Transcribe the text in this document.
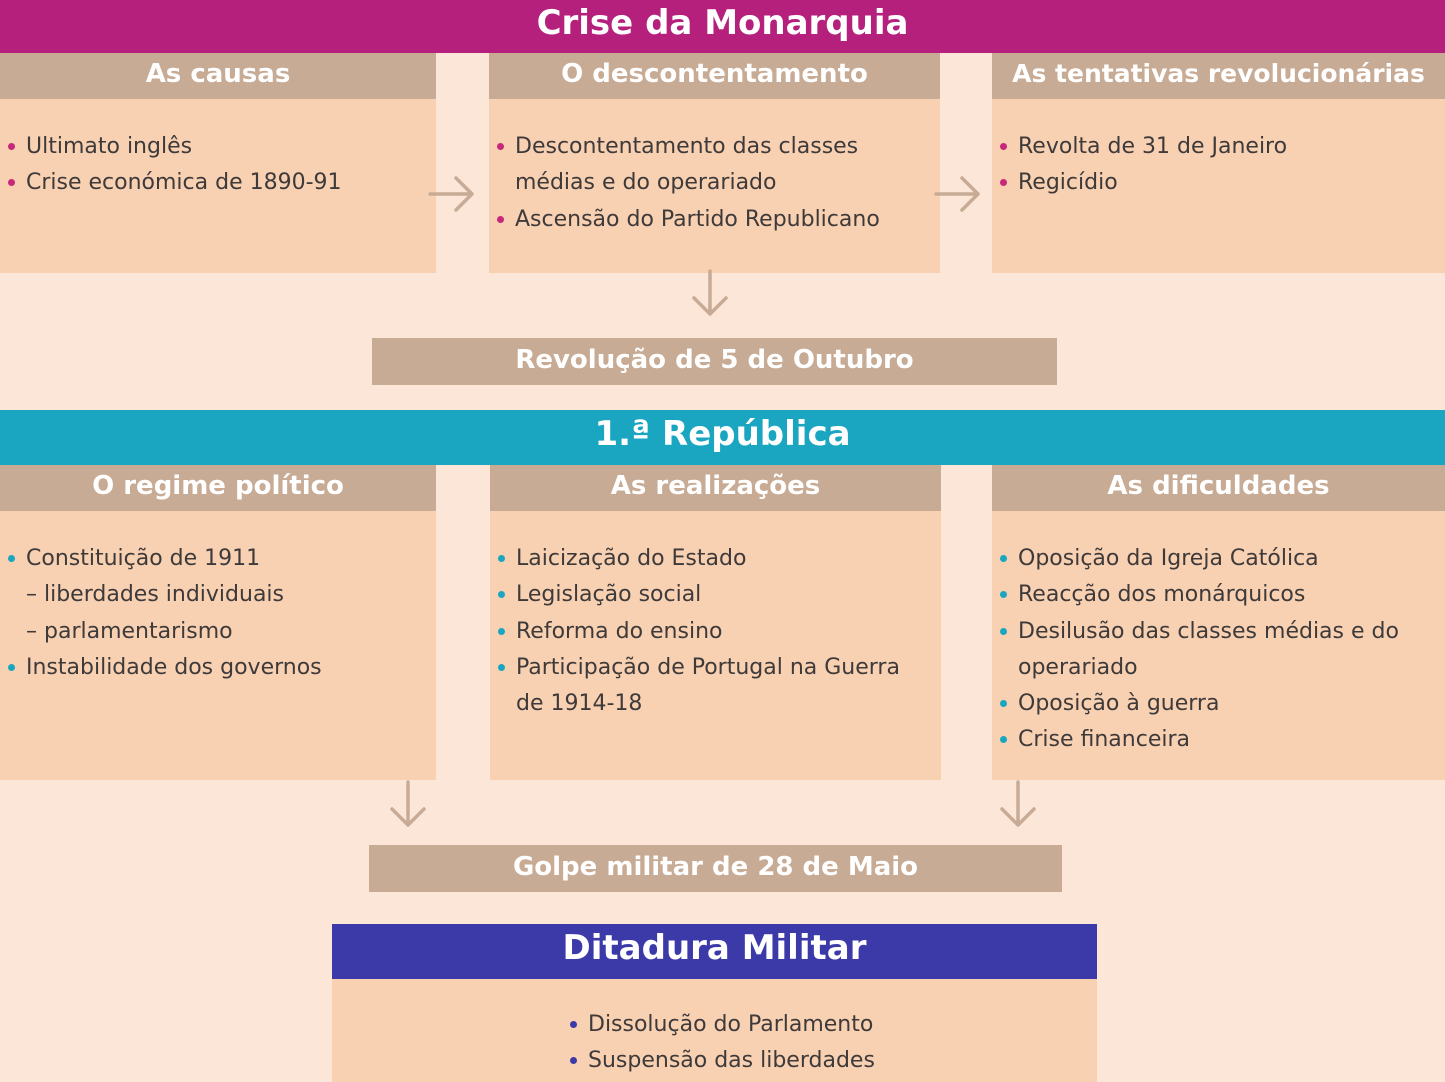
Crise da Monarquia
As causas
Ultimato inglês
Crise económica de 1890-91
O descontentamento
Descontentamento das classes
médias e do operariado
Ascensão do Partido Republicano
As tentativas revolucionárias
Revolta de 31 de Janeiro
Regicídio
Revolução de 5 de Outubro
1.ª República
O regime político
Constituição de 1911
– liberdades individuais
– parlamentarismo
Instabilidade dos governos
As realizações
Laicização do Estado
Legislação social
Reforma do ensino
Participação de Portugal na Guerra
de 1914-18
As dificuldades
Oposição da Igreja Católica
Reacção dos monárquicos
Desilusão das classes médias e do
operariado
Oposição à guerra
Crise financeira
Golpe militar de 28 de Maio
Ditadura Militar
Dissolução do Parlamento
Suspensão das liberdades
